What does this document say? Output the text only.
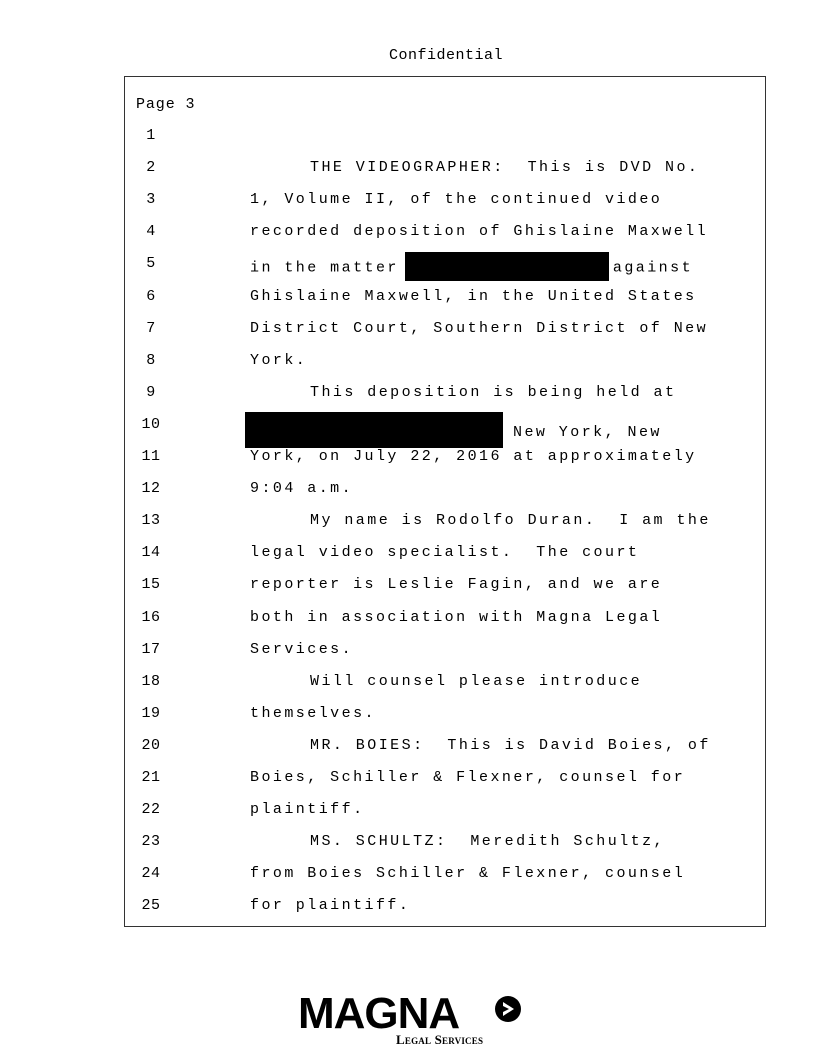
Confidential
Page 3
1
2	THE VIDEOGRAPHER:  This is DVD No.
3	1, Volume II, of the continued video
4	recorded deposition of Ghislaine Maxwell
5	in the matter	against
6	Ghislaine Maxwell, in the United States
7	District Court, Southern District of New
8	York.
9	This deposition is being held at
10	New York, New
11	York, on July 22, 2016 at approximately
12	9:04 a.m.
13	My name is Rodolfo Duran.  I am the
14	legal video specialist.  The court
15	reporter is Leslie Fagin, and we are
16	both in association with Magna Legal
17	Services.
18	Will counsel please introduce
19	themselves.
20	MR. BOIES:  This is David Boies, of
21	Boies, Schiller & Flexner, counsel for
22	plaintiff.
23	MS. SCHULTZ:  Meredith Schultz,
24	from Boies Schiller & Flexner, counsel
25	for plaintiff.
MAGNA
Legal Services
